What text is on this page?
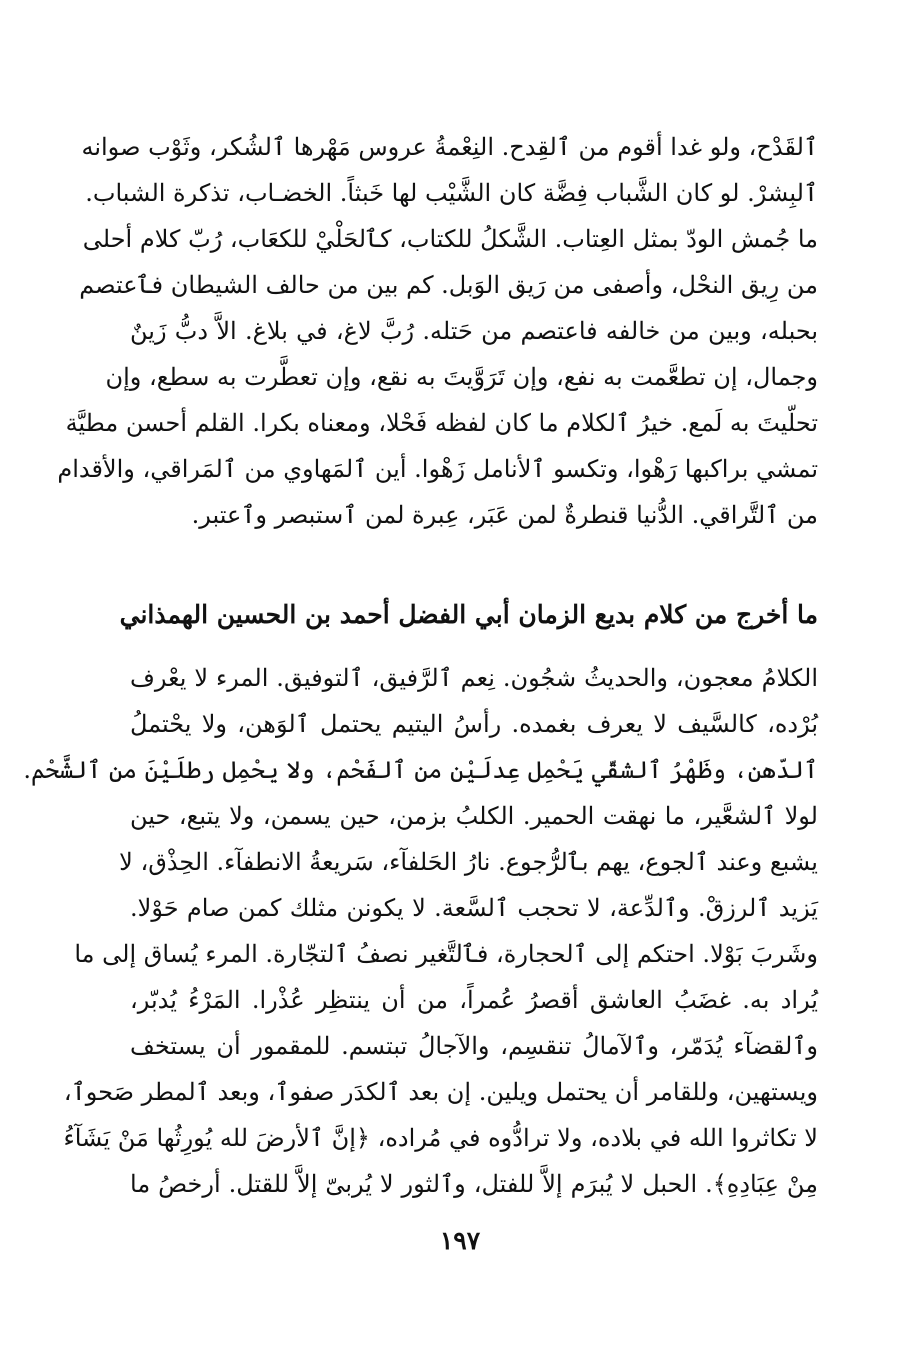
ٱلقَدْح، ولو غدا أقوم من ٱلقِدح. النِعْمةُ عروس مَهْرها ٱلشُكر، وثَوْب صوانه
ٱلبِشرْ. لو كان الشَّباب فِضَّة كان الشَّيْب لها خَبثاً. الخضـاب، تذكرة الشباب.
ما جُمش الودّ بمثل العِتاب. الشَّكلُ للكتاب، كٱلحَلْيْ للكعَاب، رُبّ كلام أحلى
من رِيق النحْل، وأصفى من رَيق الوَبل. كم بين من حالف الشيطان فٱعتصم
بحبله، وبين من خالفه فاعتصم من حَتله. رُبَّ لاغ، في بلاغ. الاَّ دبُّ زَينٌ
وجمال، إن تطعَّمت به نفع، وإن تَرَوَّيتَ به نقع، وإن تعطَّرت به سطع، وإن
تحلّيتَ به لَمع. خيرُ ٱلكلام ما كان لفظه فَحْلا، ومعناه بكرا. القلم أحسن مطيَّة
تمشي براكبها رَهْوا، وتكسو ٱلأنامل زَهْوا. أين ٱلمَهاوي من ٱلمَراقي، والأقدام
من ٱلتَّراقي. الدُّنيا قنطرةٌ لمن عَبَر، عِبرة لمن ٱستبصر وٱعتبر.
ما أخرج من كلام بديع الزمان أبي الفضل أحمد بن الحسين الهمذاني
الكلامُ معجون، والحديثُ شجُون. نِعم ٱلرَّفيق، ٱلتوفيق. المرء لا يعْرف
بُرْده، كالسَّيف لا يعرف بغمده. رأسُ اليتيم يحتمل ٱلوَهن، ولا يحْتملُ
ٱلدّهن، وظَهْرُ ٱلشقّي يَحْمِل عِدلَيْن من ٱلفَحْم، ولا يحْمِل رطلَيْنَ من ٱلشَّحْم.
لولا ٱلشعَّير، ما نهقت الحمير. الكلبُ بزمن، حين يسمن، ولا يتبع، حين
يشبع وعند ٱلجوع، يهم بٱلرُّجوع. نارُ الحَلفآء، سَريعةُ الانطفآء. الحِذْق، لا
يَزيد ٱلرزقْ. وٱلدِّعة، لا تحجب ٱلسَّعة. لا يكونن مثلك كمن صام حَوْلا.
وشَربَ بَوْلا. احتكم إلى ٱلحجارة، فٱلتَّغير نصفُ ٱلتجّارة. المرء يُساق إلى ما
يُراد به. غضَبُ العاشق أقصرُ عُمراً، من أن ينتظِر عُذْرا. المَرْءُ يُدبّر،
وٱلقضآء يُدَمّر، وٱلآمالُ تنقسِم، والآجالُ تبتسم. للمقمور أن يستخف
ويستهين، وللقامر أن يحتمل ويلين. إن بعد ٱلكدَر صفوٱ، وبعد ٱلمطر صَحوٱ،
لا تكاثروا الله في بلاده، ولا ترادُّوه في مُراده، ﴿إنَّ ٱلأرضَ لله يُورِثُها مَنْ يَشَآءُ
مِنْ عِبَادِهِ﴾. الحبل لا يُبرَم إلاَّ للفتل، وٱلثور لا يُربىّ إلاَّ للقتل. أرخصُ ما
١٩٧
